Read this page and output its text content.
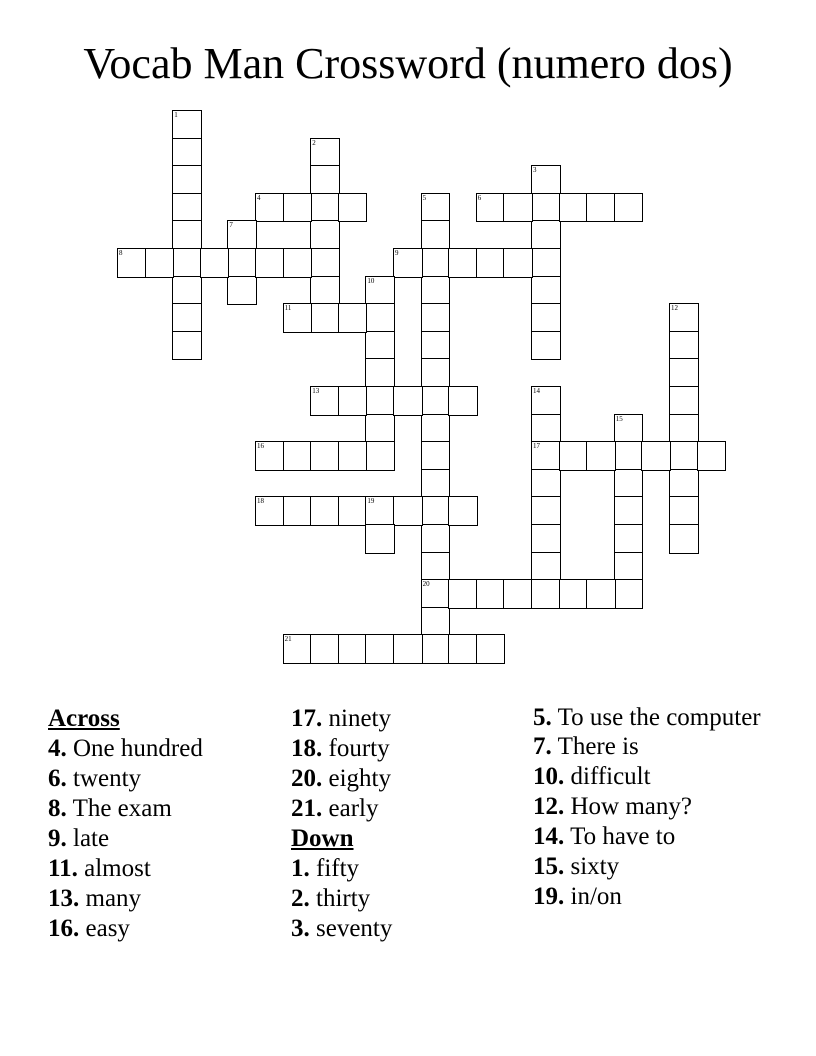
Vocab Man Crossword (numero dos)
1
2
3
4	5
20
6
7
8	9
10
11	12
13	14
17
15
16
18	19
21

Across

4. One hundred

6. twenty

8. The exam

9. late

11. almost

13. many

16. easy

17. ninety

18. fourty

20. eighty

21. early

Down

1. fifty

2. thirty

3. seventy

5. To use the computer

7. There is

10. difficult

12. How many?

14. To have to

15. sixty

19. in/on
